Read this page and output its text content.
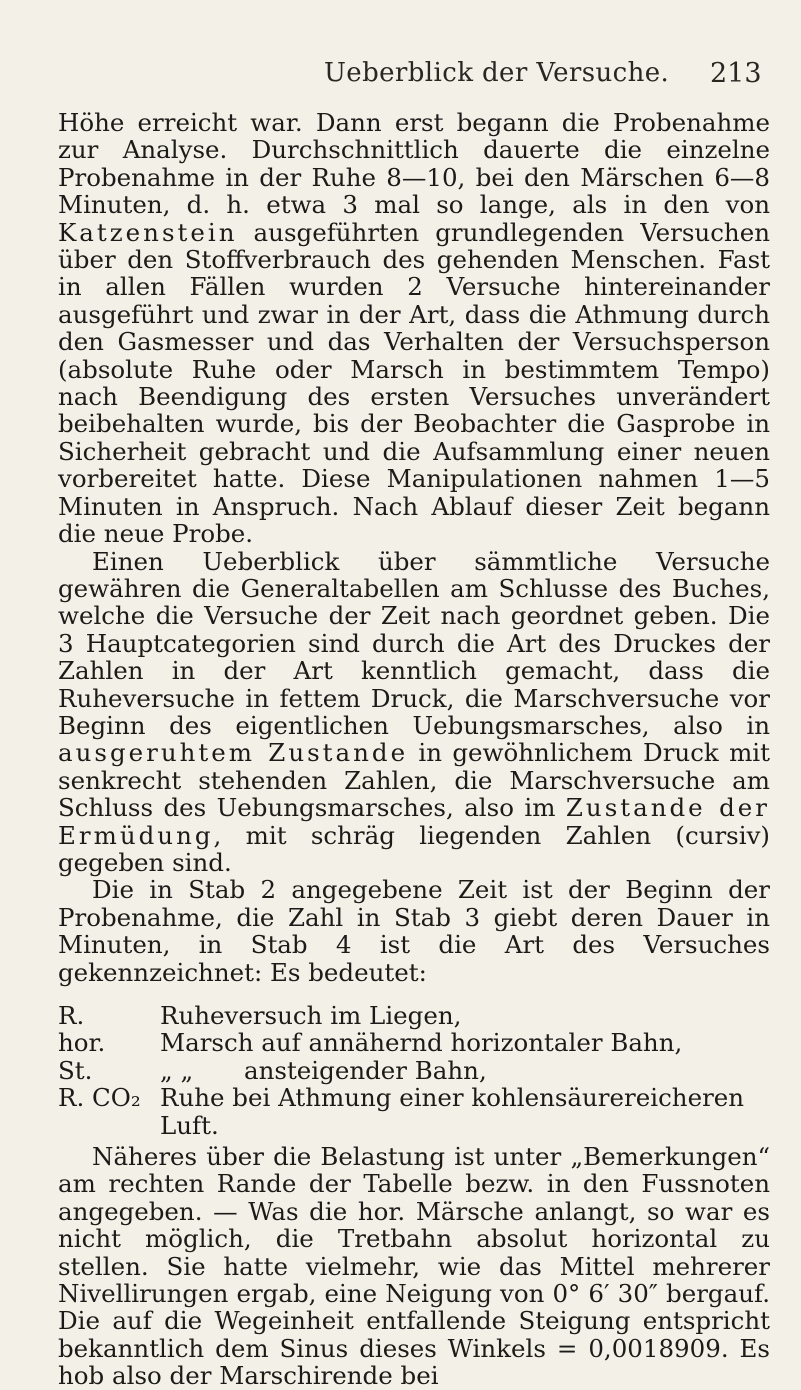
Ueberblick der Versuche. 213

Höhe erreicht war. Dann erst begann die Probenahme zur Analyse. Durchschnittlich dauerte die einzelne Probenahme in der Ruhe 8—10, bei den Märschen 6—8 Minuten, d. h. etwa 3 mal so lange, als in den von Katzenstein ausgeführten grundlegenden Versuchen über den Stoffverbrauch des gehenden Menschen. Fast in allen Fällen wurden 2 Versuche hintereinander ausgeführt und zwar in der Art, dass die Athmung durch den Gasmesser und das Verhalten der Versuchsperson (absolute Ruhe oder Marsch in bestimmtem Tempo) nach Beendigung des ersten Versuches unverändert beibehalten wurde, bis der Beobachter die Gasprobe in Sicherheit gebracht und die Aufsammlung einer neuen vorbereitet hatte. Diese Manipulationen nahmen 1—5 Minuten in Anspruch. Nach Ablauf dieser Zeit begann die neue Probe.

Einen Ueberblick über sämmtliche Versuche gewähren die Generaltabellen am Schlusse des Buches, welche die Versuche der Zeit nach geordnet geben. Die 3 Hauptcategorien sind durch die Art des Druckes der Zahlen in der Art kenntlich gemacht, dass die Ruheversuche in fettem Druck, die Marschversuche vor Beginn des eigentlichen Uebungsmarsches, also in ausgeruhtem Zustande in gewöhnlichem Druck mit senkrecht stehenden Zahlen, die Marschversuche am Schluss des Uebungsmarsches, also im Zustande der Ermüdung, mit schräg liegenden Zahlen (cursiv) gegeben sind.

Die in Stab 2 angegebene Zeit ist der Beginn der Probenahme, die Zahl in Stab 3 giebt deren Dauer in Minuten, in Stab 4 ist die Art des Versuches gekennzeichnet: Es bedeutet:

R.	Ruheversuch im Liegen,
hor.	Marsch auf annähernd horizontaler Bahn,
St.	„ „ ansteigender Bahn,
R. CO₂ Ruhe bei Athmung einer kohlensäurereicheren Luft.

Näheres über die Belastung ist unter „Bemerkungen“ am rechten Rande der Tabelle bezw. in den Fussnoten angegeben. — Was die hor. Märsche anlangt, so war es nicht möglich, die Tretbahn absolut horizontal zu stellen. Sie hatte vielmehr, wie das Mittel mehrerer Nivellirungen ergab, eine Neigung von 0° 6′ 30″ bergauf. Die auf die Wegeinheit entfallende Steigung entspricht bekanntlich dem Sinus dieses Winkels = 0,0018909. Es hob also der Marschirende bei
